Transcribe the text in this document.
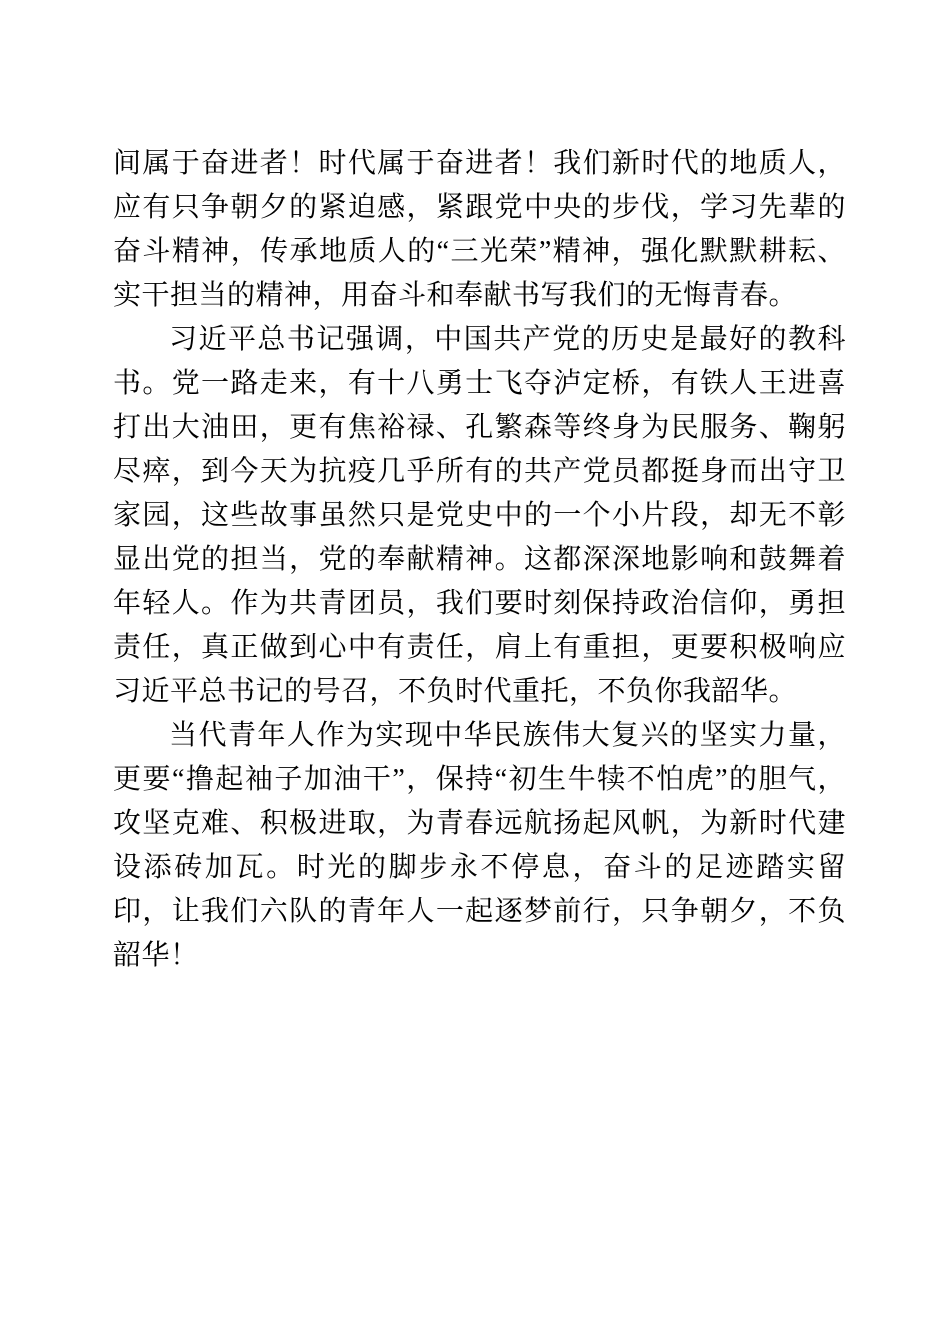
间属于奋进者！时代属于奋进者！我们新时代的地质人，应有只争朝夕的紧迫感，紧跟党中央的步伐，学习先辈的奋斗精神，传承地质人的“三光荣”精神，强化默默耕耘、实干担当的精神，用奋斗和奉献书写我们的无悔青春。

习近平总书记强调，中国共产党的历史是最好的教科书。党一路走来，有十八勇士飞夺泸定桥，有铁人王进喜打出大油田，更有焦裕禄、孔繁森等终身为民服务、鞠躬尽瘁，到今天为抗疫几乎所有的共产党员都挺身而出守卫家园，这些故事虽然只是党史中的一个小片段，却无不彰显出党的担当，党的奉献精神。这都深深地影响和鼓舞着年轻人。作为共青团员，我们要时刻保持政治信仰，勇担责任，真正做到心中有责任，肩上有重担，更要积极响应习近平总书记的号召，不负时代重托，不负你我韶华。

当代青年人作为实现中华民族伟大复兴的坚实力量，更要“撸起袖子加油干”，保持“初生牛犊不怕虎”的胆气，攻坚克难、积极进取，为青春远航扬起风帆，为新时代建设添砖加瓦。时光的脚步永不停息，奋斗的足迹踏实留印，让我们六队的青年人一起逐梦前行，只争朝夕，不负韶华！
